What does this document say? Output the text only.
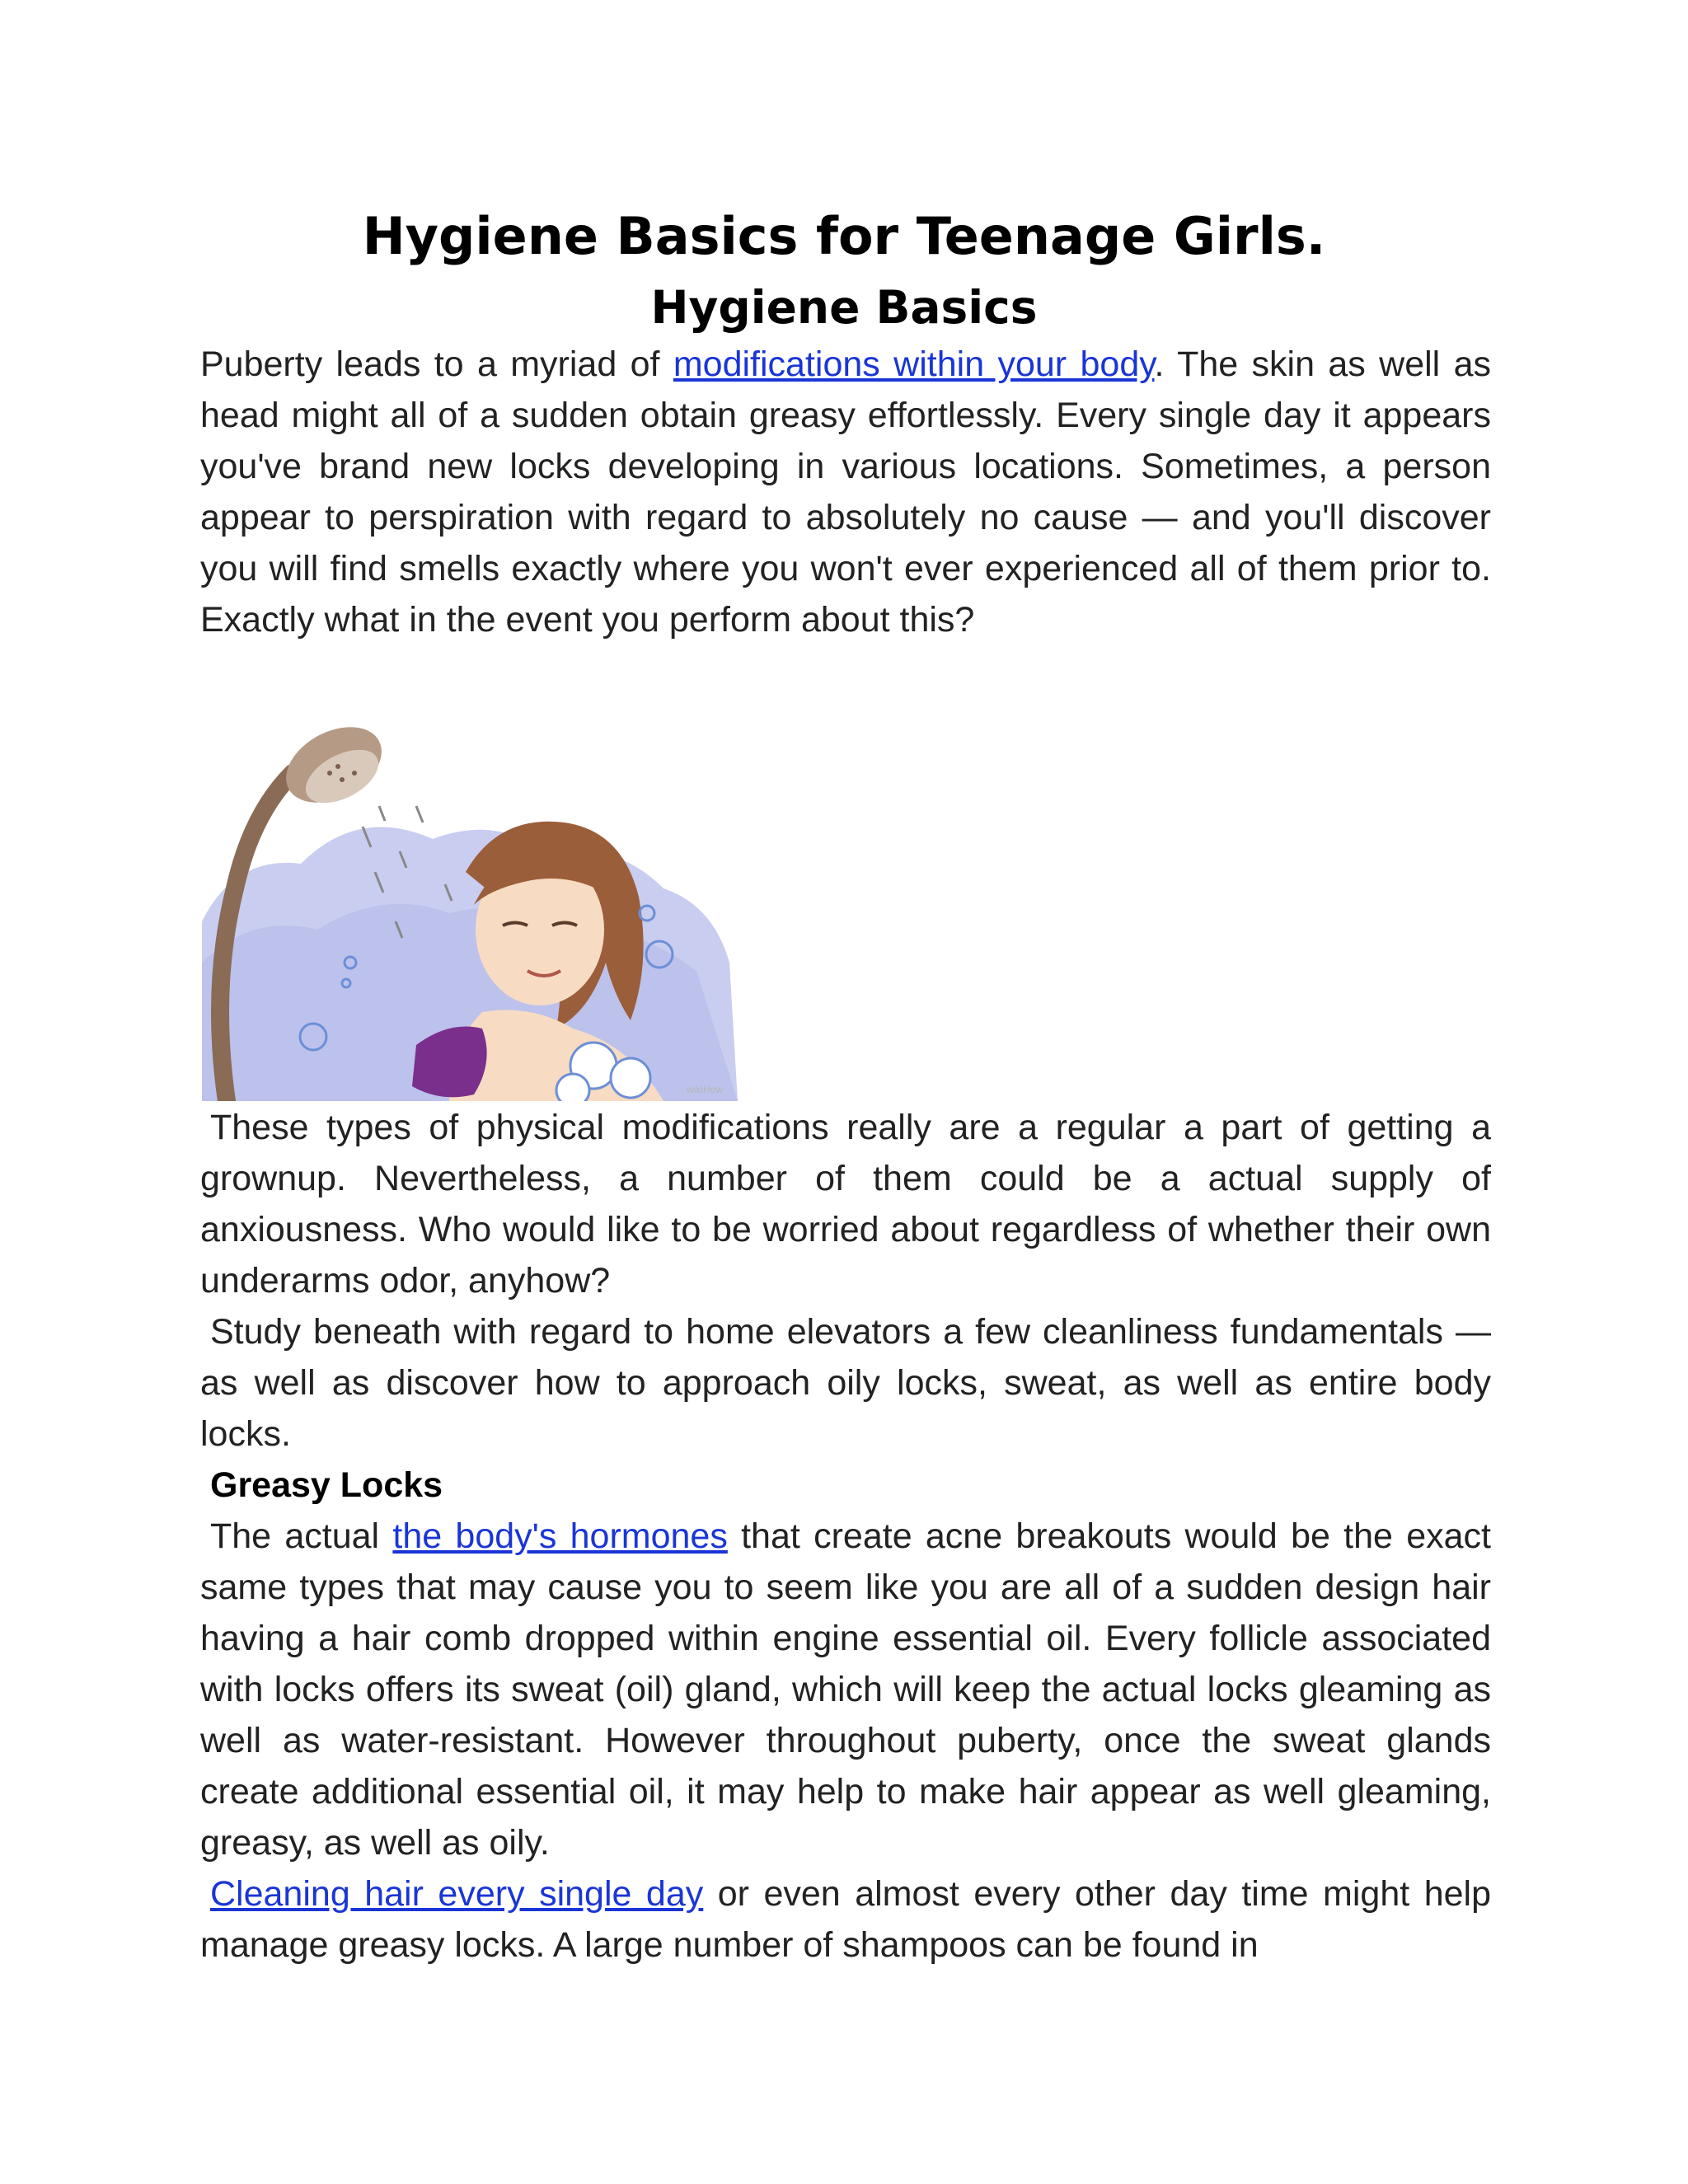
Hygiene Basics for Teenage Girls.
Hygiene Basics

Puberty leads to a myriad of modifications within your body. The skin as well as head might all of a sudden obtain greasy effortlessly. Every single day it appears you've brand new locks developing in various locations. Sometimes, a person appear to perspiration with regard to absolutely no cause — and you'll discover you will find smells exactly where you won't ever experienced all of them prior to. Exactly what in the event you perform about this?

wikiHow

These types of physical modifications really are a regular a part of getting a grownup. Nevertheless, a number of them could be a actual supply of anxiousness. Who would like to be worried about regardless of whether their own underarms odor, anyhow?

Study beneath with regard to home elevators a few cleanliness fundamentals — as well as discover how to approach oily locks, sweat, as well as entire body locks.

Greasy Locks

The actual the body's hormones that create acne breakouts would be the exact same types that may cause you to seem like you are all of a sudden design hair having a hair comb dropped within engine essential oil. Every follicle associated with locks offers its sweat (oil) gland, which will keep the actual locks gleaming as well as water-resistant. However throughout puberty, once the sweat glands create additional essential oil, it may help to make hair appear as well gleaming, greasy, as well as oily.

Cleaning hair every single day or even almost every other day time might help manage greasy locks. A large number of shampoos can be found in
